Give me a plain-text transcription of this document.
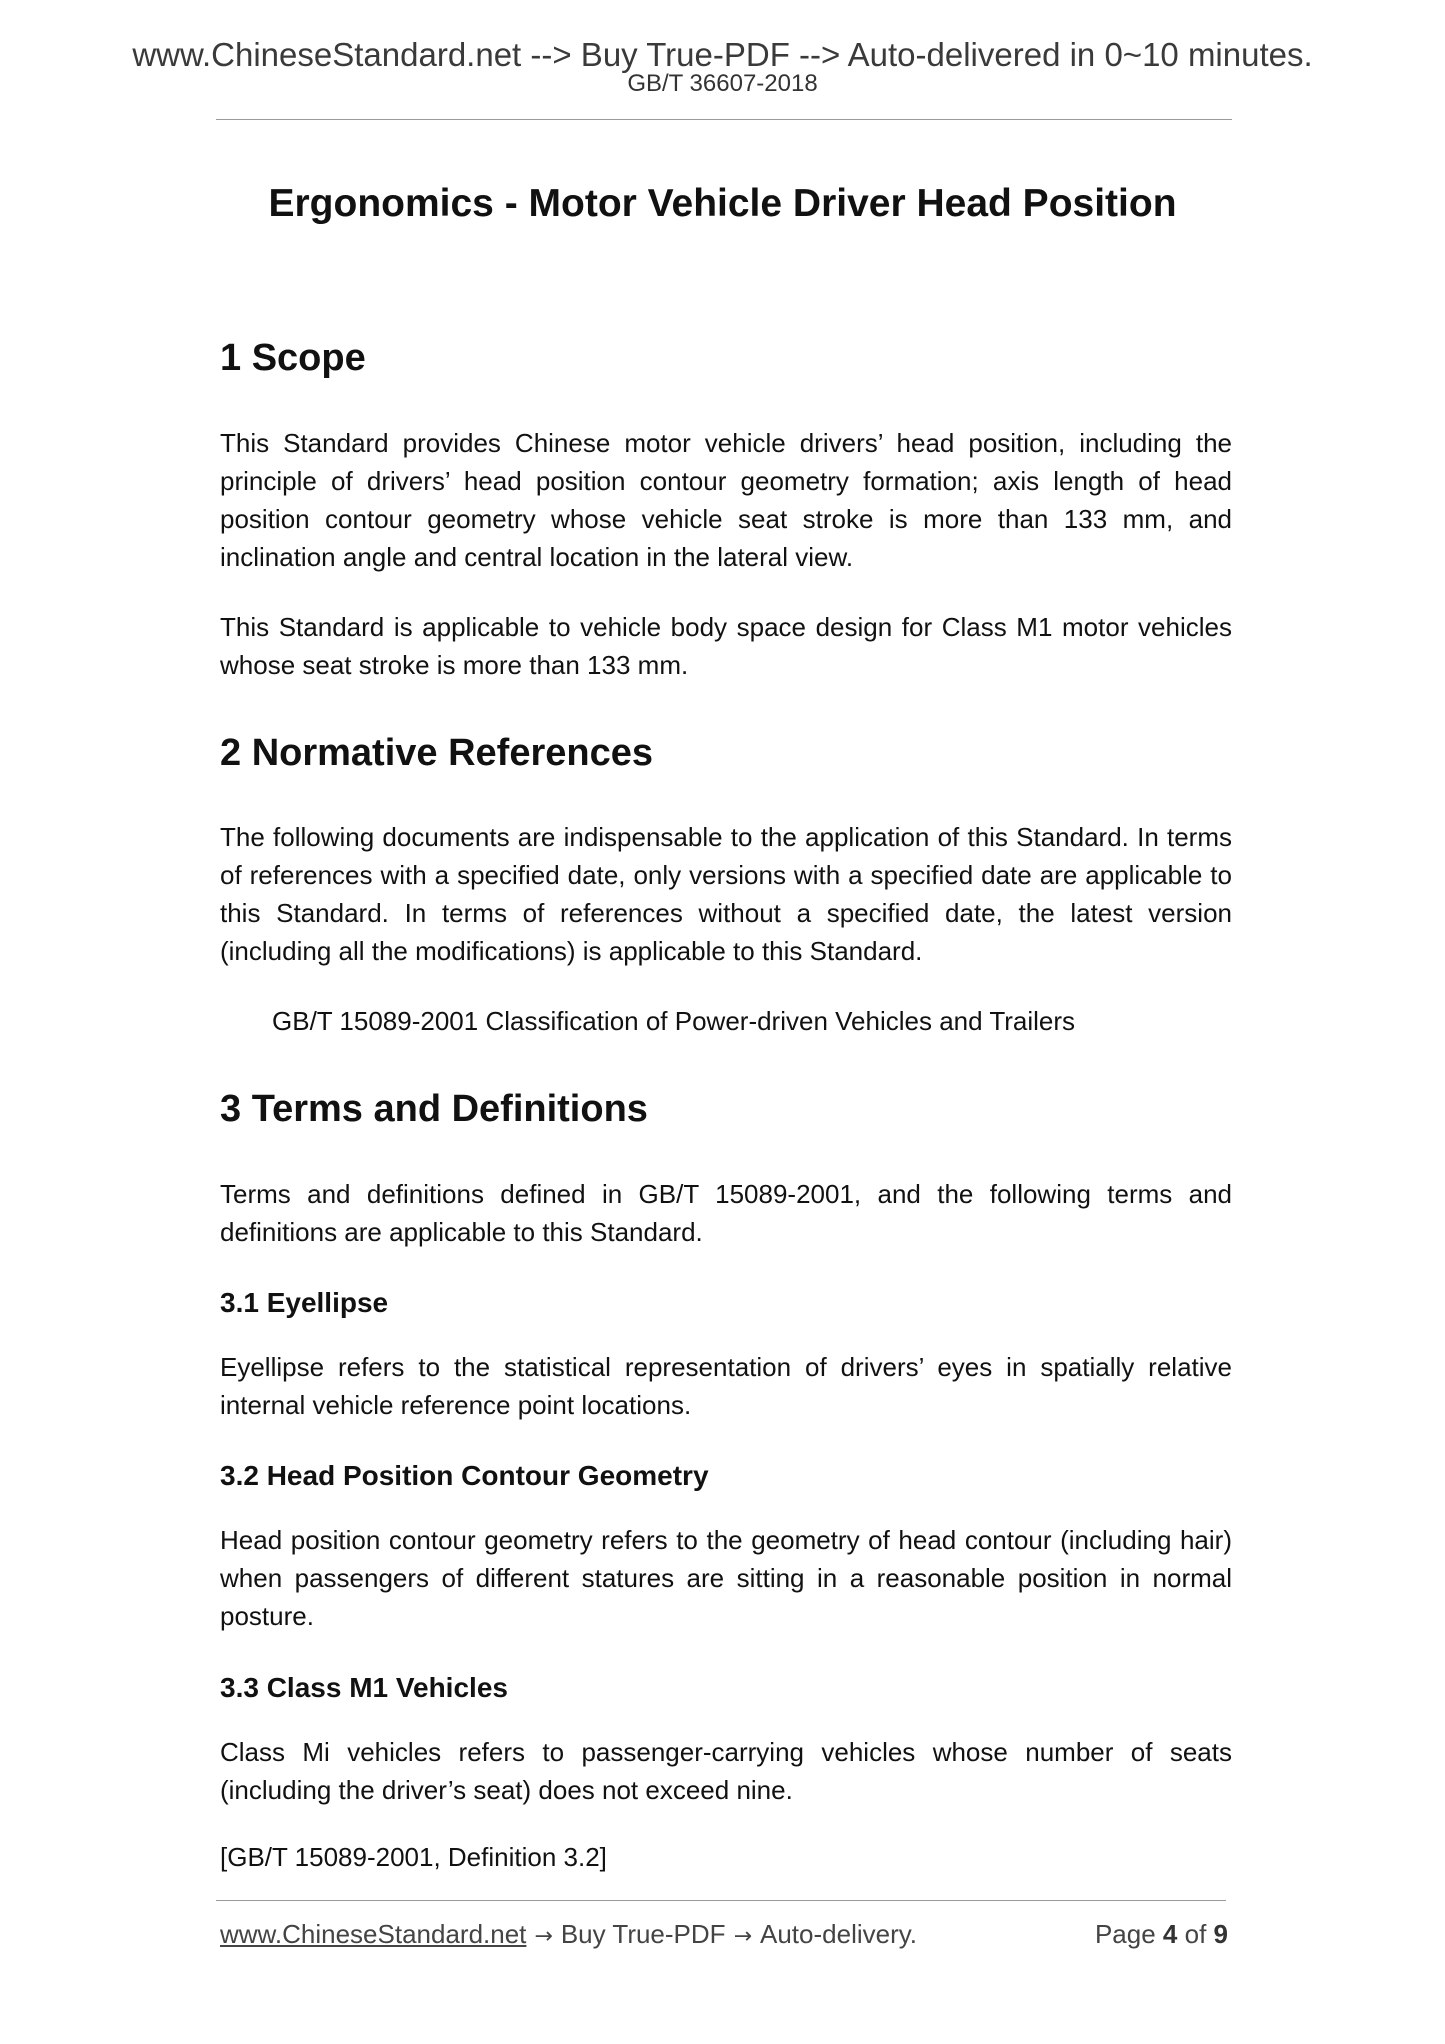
www.ChineseStandard.net --> Buy True-PDF --> Auto-delivered in 0~10 minutes.
GB/T 36607-2018
Ergonomics - Motor Vehicle Driver Head Position
1 Scope

This Standard provides Chinese motor vehicle drivers’ head position, including the principle of drivers’ head position contour geometry formation; axis length of head position contour geometry whose vehicle seat stroke is more than 133 mm, and inclination angle and central location in the lateral view.

This Standard is applicable to vehicle body space design for Class M1 motor vehicles whose seat stroke is more than 133 mm.

2 Normative References

The following documents are indispensable to the application of this Standard. In terms of references with a specified date, only versions with a specified date are applicable to this Standard. In terms of references without a specified date, the latest version (including all the modifications) is applicable to this Standard.

GB/T 15089-2001 Classification of Power-driven Vehicles and Trailers

3 Terms and Definitions

Terms and definitions defined in GB/T 15089-2001, and the following terms and definitions are applicable to this Standard.

3.1 Eyellipse

Eyellipse refers to the statistical representation of drivers’ eyes in spatially relative internal vehicle reference point locations.

3.2 Head Position Contour Geometry

Head position contour geometry refers to the geometry of head contour (including hair) when passengers of different statures are sitting in a reasonable position in normal posture.

3.3 Class M1 Vehicles

Class Mi vehicles refers to passenger-carrying vehicles whose number of seats (including the driver’s seat) does not exceed nine.

[GB/T 15089-2001, Definition 3.2]

www.ChineseStandard.net → Buy True-PDF → Auto-delivery.	Page 4 of 9
